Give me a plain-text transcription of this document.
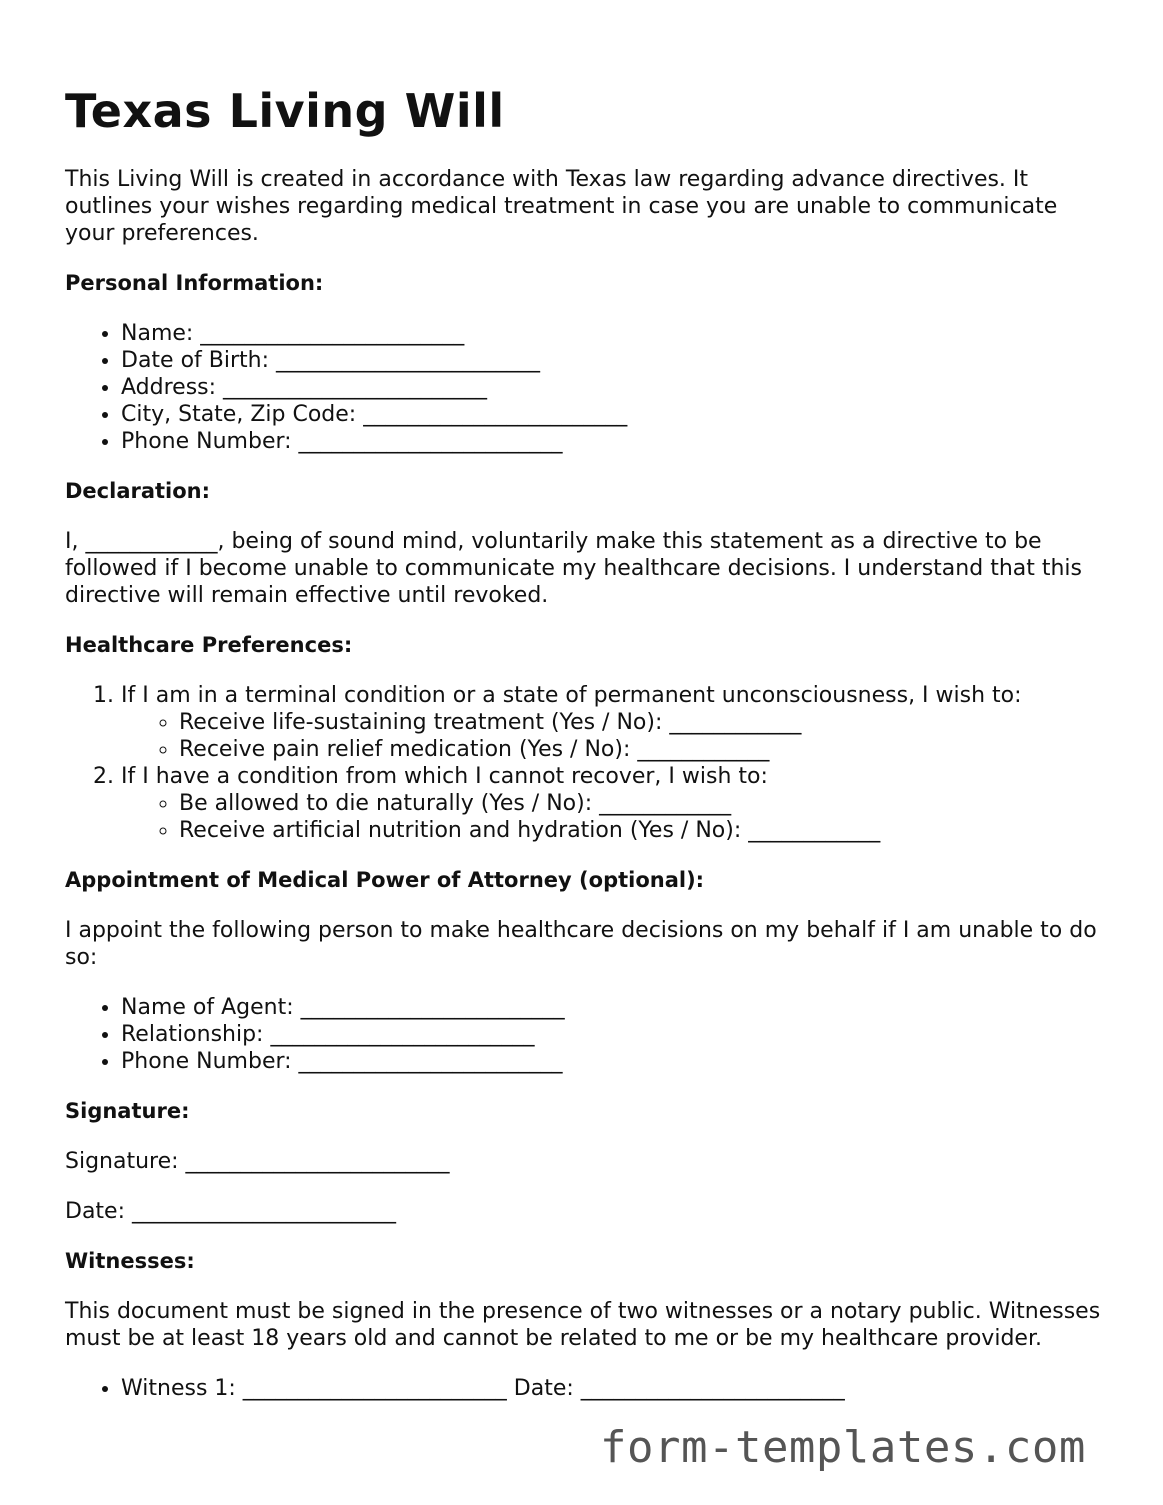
Texas Living Will

This Living Will is created in accordance with Texas law regarding advance directives. It outlines your wishes regarding medical treatment in case you are unable to communicate your preferences.

Personal Information:
• Name: ________________________
• Date of Birth: ________________________
• Address: ________________________
• City, State, Zip Code: ________________________
• Phone Number: ________________________
Declaration:

I, ____________, being of sound mind, voluntarily make this statement as a directive to be followed if I become unable to communicate my healthcare decisions. I understand that this directive will remain effective until revoked.

Healthcare Preferences:
1. If I am in a terminal condition or a state of permanent unconsciousness, I wish to:
◦ Receive life-sustaining treatment (Yes / No): ____________
◦ Receive pain relief medication (Yes / No): ____________
2. If I have a condition from which I cannot recover, I wish to:
◦ Be allowed to die naturally (Yes / No): ____________
◦ Receive artificial nutrition and hydration (Yes / No): ____________
Appointment of Medical Power of Attorney (optional):

I appoint the following person to make healthcare decisions on my behalf if I am unable to do so:

• Name of Agent: ________________________
• Relationship: ________________________
• Phone Number: ________________________
Signature:

Signature: ________________________

Date: ________________________

Witnesses:

This document must be signed in the presence of two witnesses or a notary public. Witnesses must be at least 18 years old and cannot be related to me or be my healthcare provider.

• Witness 1: ________________________ Date: ________________________
form-templates.com
